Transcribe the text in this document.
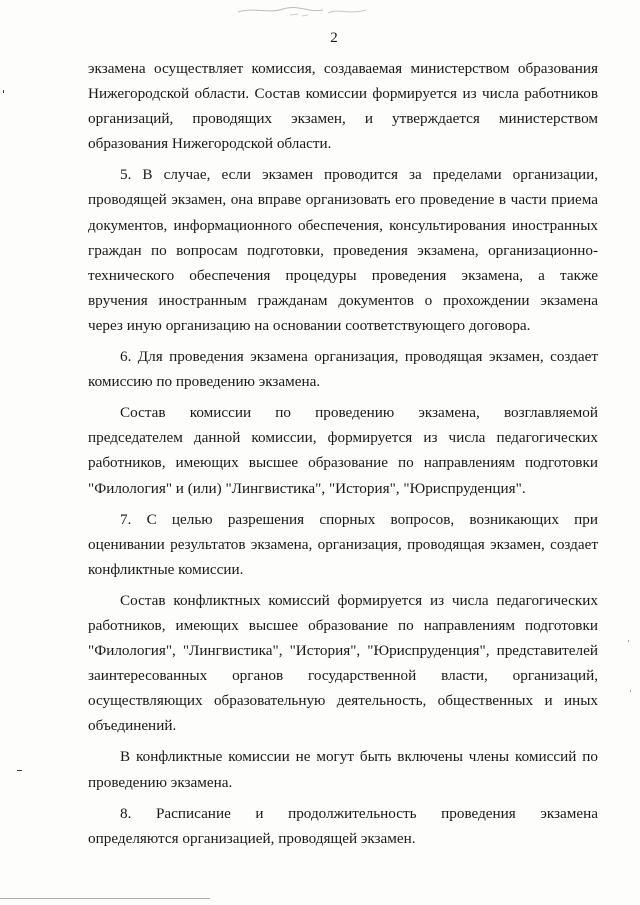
2

экзамена осуществляет комиссия, создаваемая министерством образования
Нижегородской области. Состав комиссии формируется из числа работников
организаций, проводящих экзамен, и утверждается министерством
образования Нижегородской области.

5. В случае, если экзамен проводится за пределами организации,
проводящей экзамен, она вправе организовать его проведение в части приема
документов, информационного обеспечения, консультирования иностранных
граждан по вопросам подготовки, проведения экзамена, организационно-
технического обеспечения процедуры проведения экзамена, а также
вручения иностранным гражданам документов о прохождении экзамена
через иную организацию на основании соответствующего договора.

6. Для проведения экзамена организация, проводящая экзамен, создает
комиссию по проведению экзамена.

Состав комиссии по проведению экзамена, возглавляемой
председателем данной комиссии, формируется из числа педагогических
работников, имеющих высшее образование по направлениям подготовки
"Филология" и (или) "Лингвистика", "История", "Юриспруденция".

7. С целью разрешения спорных вопросов, возникающих при
оценивании результатов экзамена, организация, проводящая экзамен, создает
конфликтные комиссии.

Состав конфликтных комиссий формируется из числа педагогических
работников, имеющих высшее образование по направлениям подготовки
"Филология", "Лингвистика", "История", "Юриспруденция", представителей
заинтересованных органов государственной власти, организаций,
осуществляющих образовательную деятельность, общественных и иных
объединений.

В конфликтные комиссии не могут быть включены члены комиссий по
проведению экзамена.

8. Расписание и продолжительность проведения экзамена
определяются организацией, проводящей экзамен.
